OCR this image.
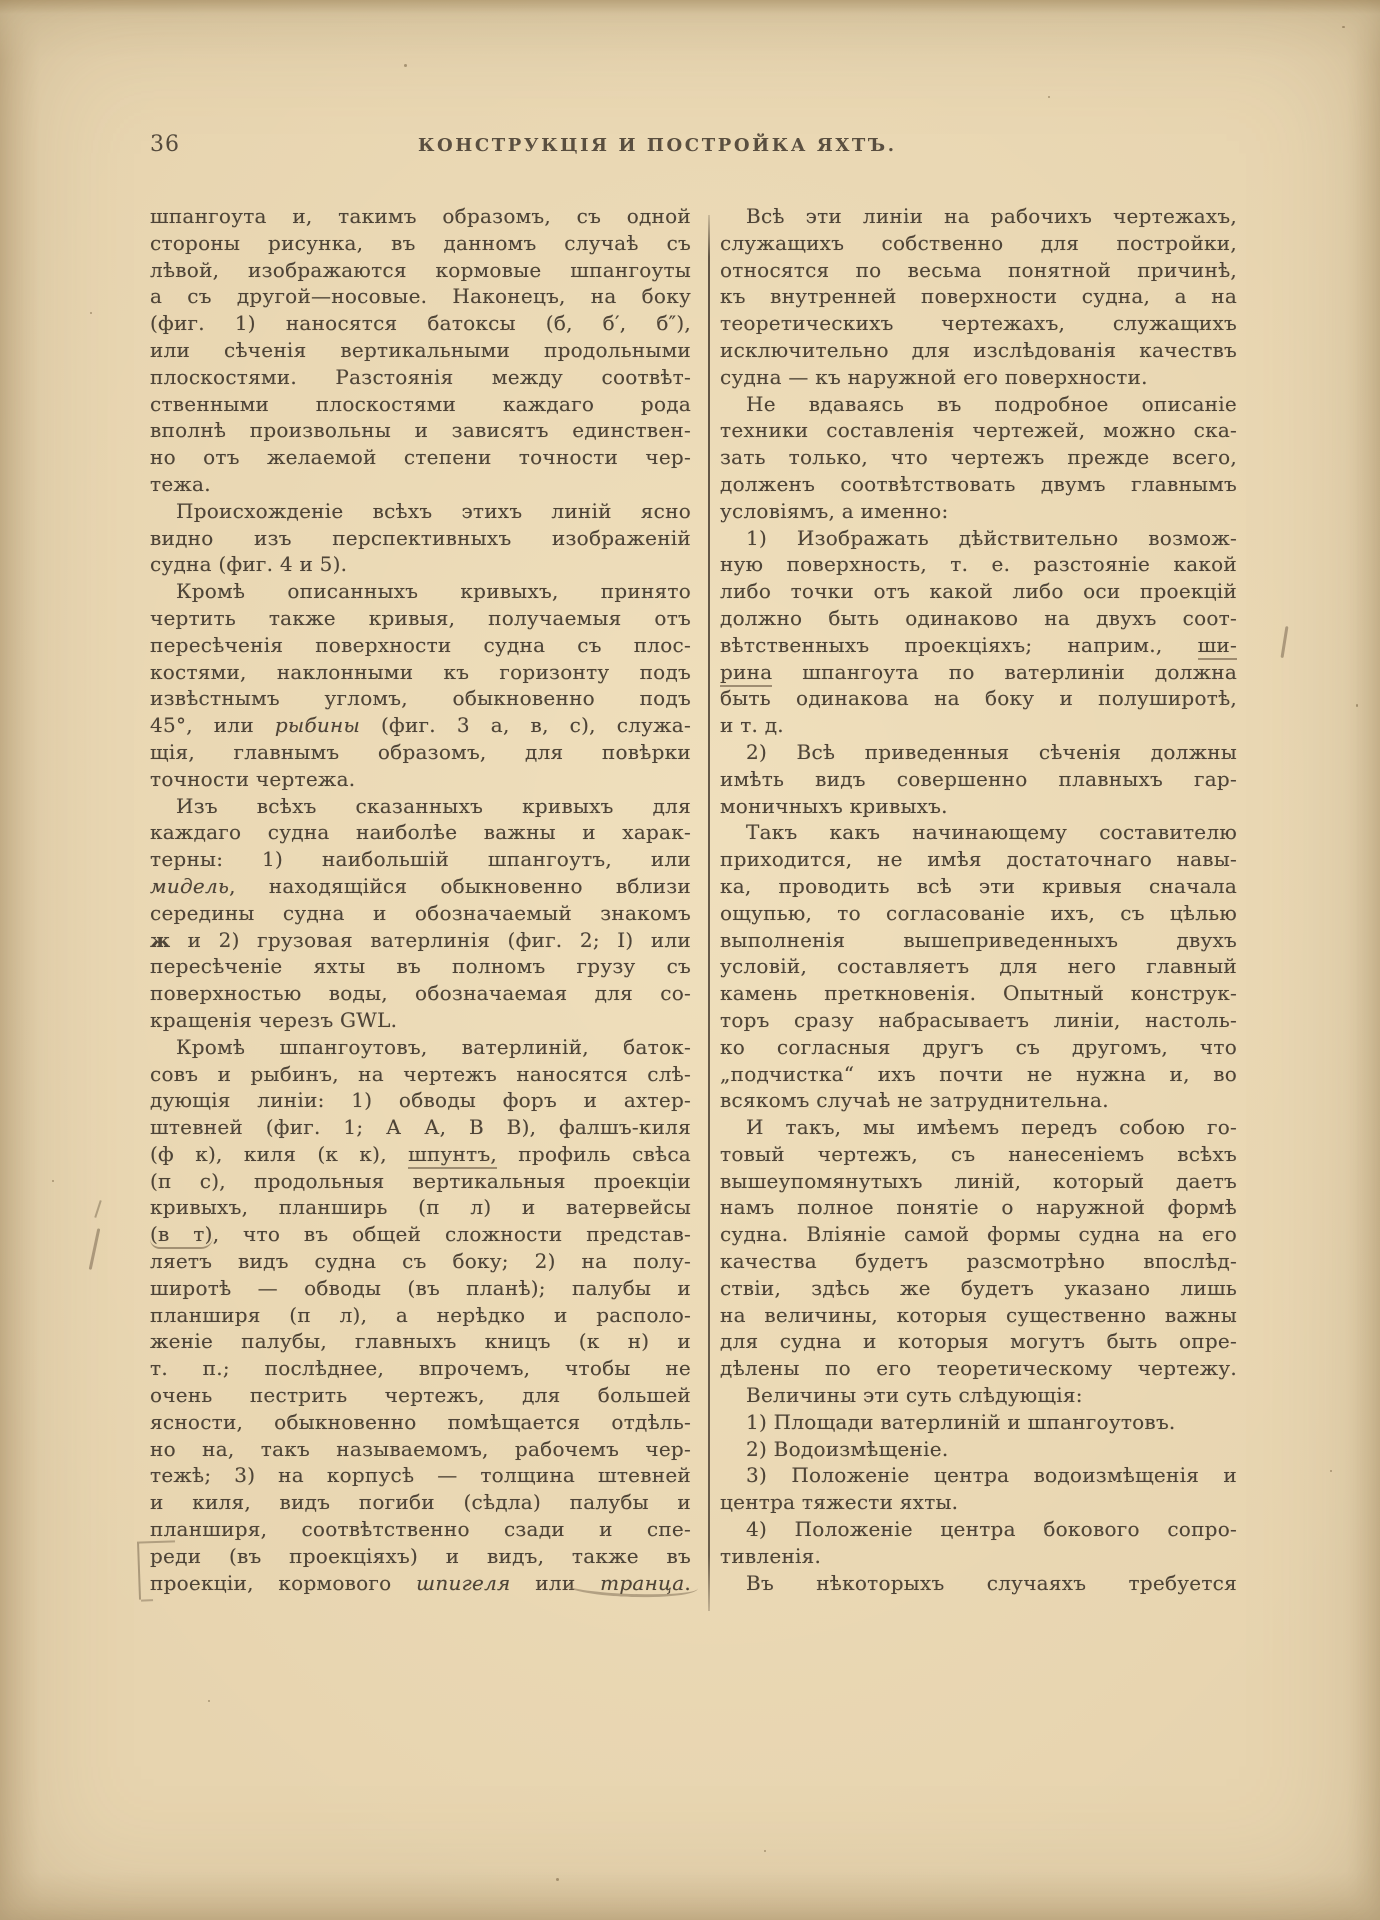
36	КОНСТРУКЦІЯ И ПОСТРОЙКА ЯХТЪ.
шпангоута и, такимъ образомъ, съ одной
стороны рисунка, въ данномъ случаѣ съ
лѣвой, изображаются кормовые шпангоуты
а съ другой—носовые. Наконецъ, на боку
(фиг. 1) наносятся батоксы (б, б′, б″),
или сѣченія вертикальными продольными
плоскостями. Разстоянія между соотвѣт-
ственными плоскостями каждаго рода
вполнѣ произвольны и зависятъ единствен-
но отъ желаемой степени точности чер-
тежа.
Происхожденіе всѣхъ этихъ линій ясно
видно изъ перспективныхъ изображеній
судна (фиг. 4 и 5).
Кромѣ описанныхъ кривыхъ, принято
чертить также кривыя, получаемыя отъ
пересѣченія поверхности судна съ плос-
костями, наклонными къ горизонту подъ
извѣстнымъ угломъ, обыкновенно подъ
45°, или рыбины (фиг. 3 а, в, с), служа-
щія, главнымъ образомъ, для повѣрки
точности чертежа.
Изъ всѣхъ сказанныхъ кривыхъ для
каждаго судна наиболѣе важны и харак-
терны: 1) наибольшій шпангоутъ, или
мидель, находящійся обыкновенно вблизи
середины судна и обозначаемый знакомъ
ж и 2) грузовая ватерлинія (фиг. 2; I) или
пересѣченіе яхты въ полномъ грузу съ
поверхностью воды, обозначаемая для со-
кращенія черезъ GWL.
Кромѣ шпангоутовъ, ватерлиній, баток-
совъ и рыбинъ, на чертежъ наносятся слѣ-
дующія линіи: 1) обводы форъ и ахтер-
штевней (фиг. 1; А А, В В), фалшъ-киля
(ф к), киля (к к), шпунтъ, профиль свѣса
(п с), продольныя вертикальныя проекціи
кривыхъ, планширь (п л) и ватервейсы
(в т), что въ общей сложности представ-
ляетъ видъ судна съ боку; 2) на полу-
широтѣ — обводы (въ планѣ); палубы и
планширя (п л), а нерѣдко и располо-
женіе палубы, главныхъ кницъ (к н) и
т. п.; послѣднее, впрочемъ, чтобы не
очень пестрить чертежъ, для большей
ясности, обыкновенно помѣщается отдѣль-
но на, такъ называемомъ, рабочемъ чер-
тежѣ; 3) на корпусѣ — толщина штевней
и киля, видъ погиби (сѣдла) палубы и
планширя, соотвѣтственно сзади и спе-
реди (въ проекціяхъ) и видъ, также въ
проекціи, кормового шпигеля или транца.
Всѣ эти линіи на рабочихъ чертежахъ,
служащихъ собственно для постройки,
относятся по весьма понятной причинѣ,
къ внутренней поверхности судна, а на
теоретическихъ чертежахъ, служащихъ
исключительно для изслѣдованія качествъ
судна — къ наружной его поверхности.
Не вдаваясь въ подробное описаніе
техники составленія чертежей, можно ска-
зать только, что чертежъ прежде всего,
долженъ соотвѣтствовать двумъ главнымъ
условіямъ, а именно:
1) Изображать дѣйствительно возмож-
ную поверхность, т. е. разстояніе какой
либо точки отъ какой либо оси проекцій
должно быть одинаково на двухъ соот-
вѣтственныхъ проекціяхъ; наприм., ши-
рина шпангоута по ватерлиніи должна
быть одинакова на боку и полуширотѣ,
и т. д.
2) Всѣ приведенныя сѣченія должны
имѣть видъ совершенно плавныхъ гар-
моничныхъ кривыхъ.
Такъ какъ начинающему составителю
приходится, не имѣя достаточнаго навы-
ка, проводить всѣ эти кривыя сначала
ощупью, то согласованіе ихъ, съ цѣлью
выполненія вышеприведенныхъ двухъ
условій, составляетъ для него главный
камень преткновенія. Опытный конструк-
торъ сразу набрасываетъ линіи, настоль-
ко согласныя другъ съ другомъ, что
„подчистка“ ихъ почти не нужна и, во
всякомъ случаѣ не затруднительна.
И такъ, мы имѣемъ передъ собою го-
товый чертежъ, съ нанесеніемъ всѣхъ
вышеупомянутыхъ линій, который даетъ
намъ полное понятіе о наружной формѣ
судна. Вліяніе самой формы судна на его
качества будетъ разсмотрѣно впослѣд-
ствіи, здѣсь же будетъ указано лишь
на величины, которыя существенно важны
для судна и которыя могутъ быть опре-
дѣлены по его теоретическому чертежу.
Величины эти суть слѣдующія:
1) Площади ватерлиній и шпангоутовъ.
2) Водоизмѣщеніе.
3) Положеніе центра водоизмѣщенія и
центра тяжести яхты.
4) Положеніе центра бокового сопро-
тивленія.
Въ нѣкоторыхъ случаяхъ требуется
